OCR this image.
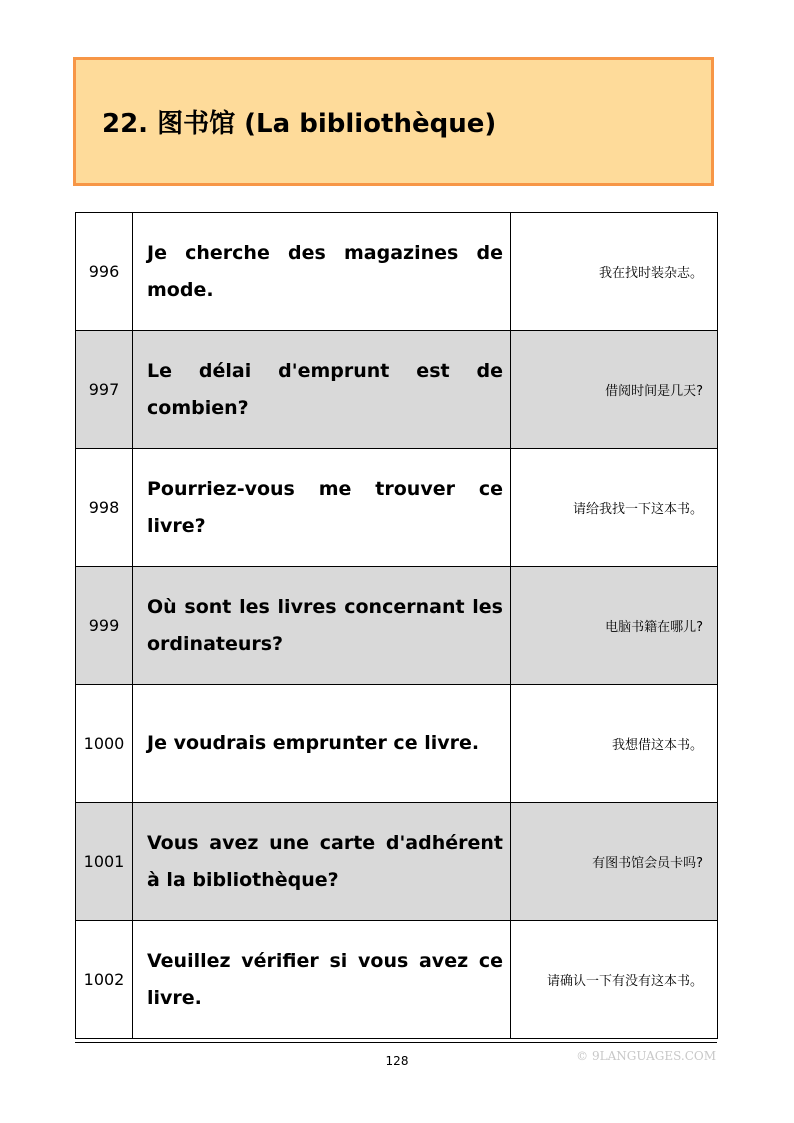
22. 图书馆 (La bibliothèque)
996	Je cherche des magazines de mode.	我在找时装杂志。
997	Le délai d'emprunt est de combien?	借阅时间是几天?
998	Pourriez-vous me trouver ce livre?	请给我找一下这本书。
999	Où sont les livres concernant les ordinateurs?	电脑书籍在哪儿?
1000	Je voudrais emprunter ce livre.	我想借这本书。
1001	Vous avez une carte d'adhérent à la bibliothèque?	有图书馆会员卡吗?
1002	Veuillez vérifier si vous avez ce livre.	请确认一下有没有这本书。
128	© 9LANGUAGES.COM
